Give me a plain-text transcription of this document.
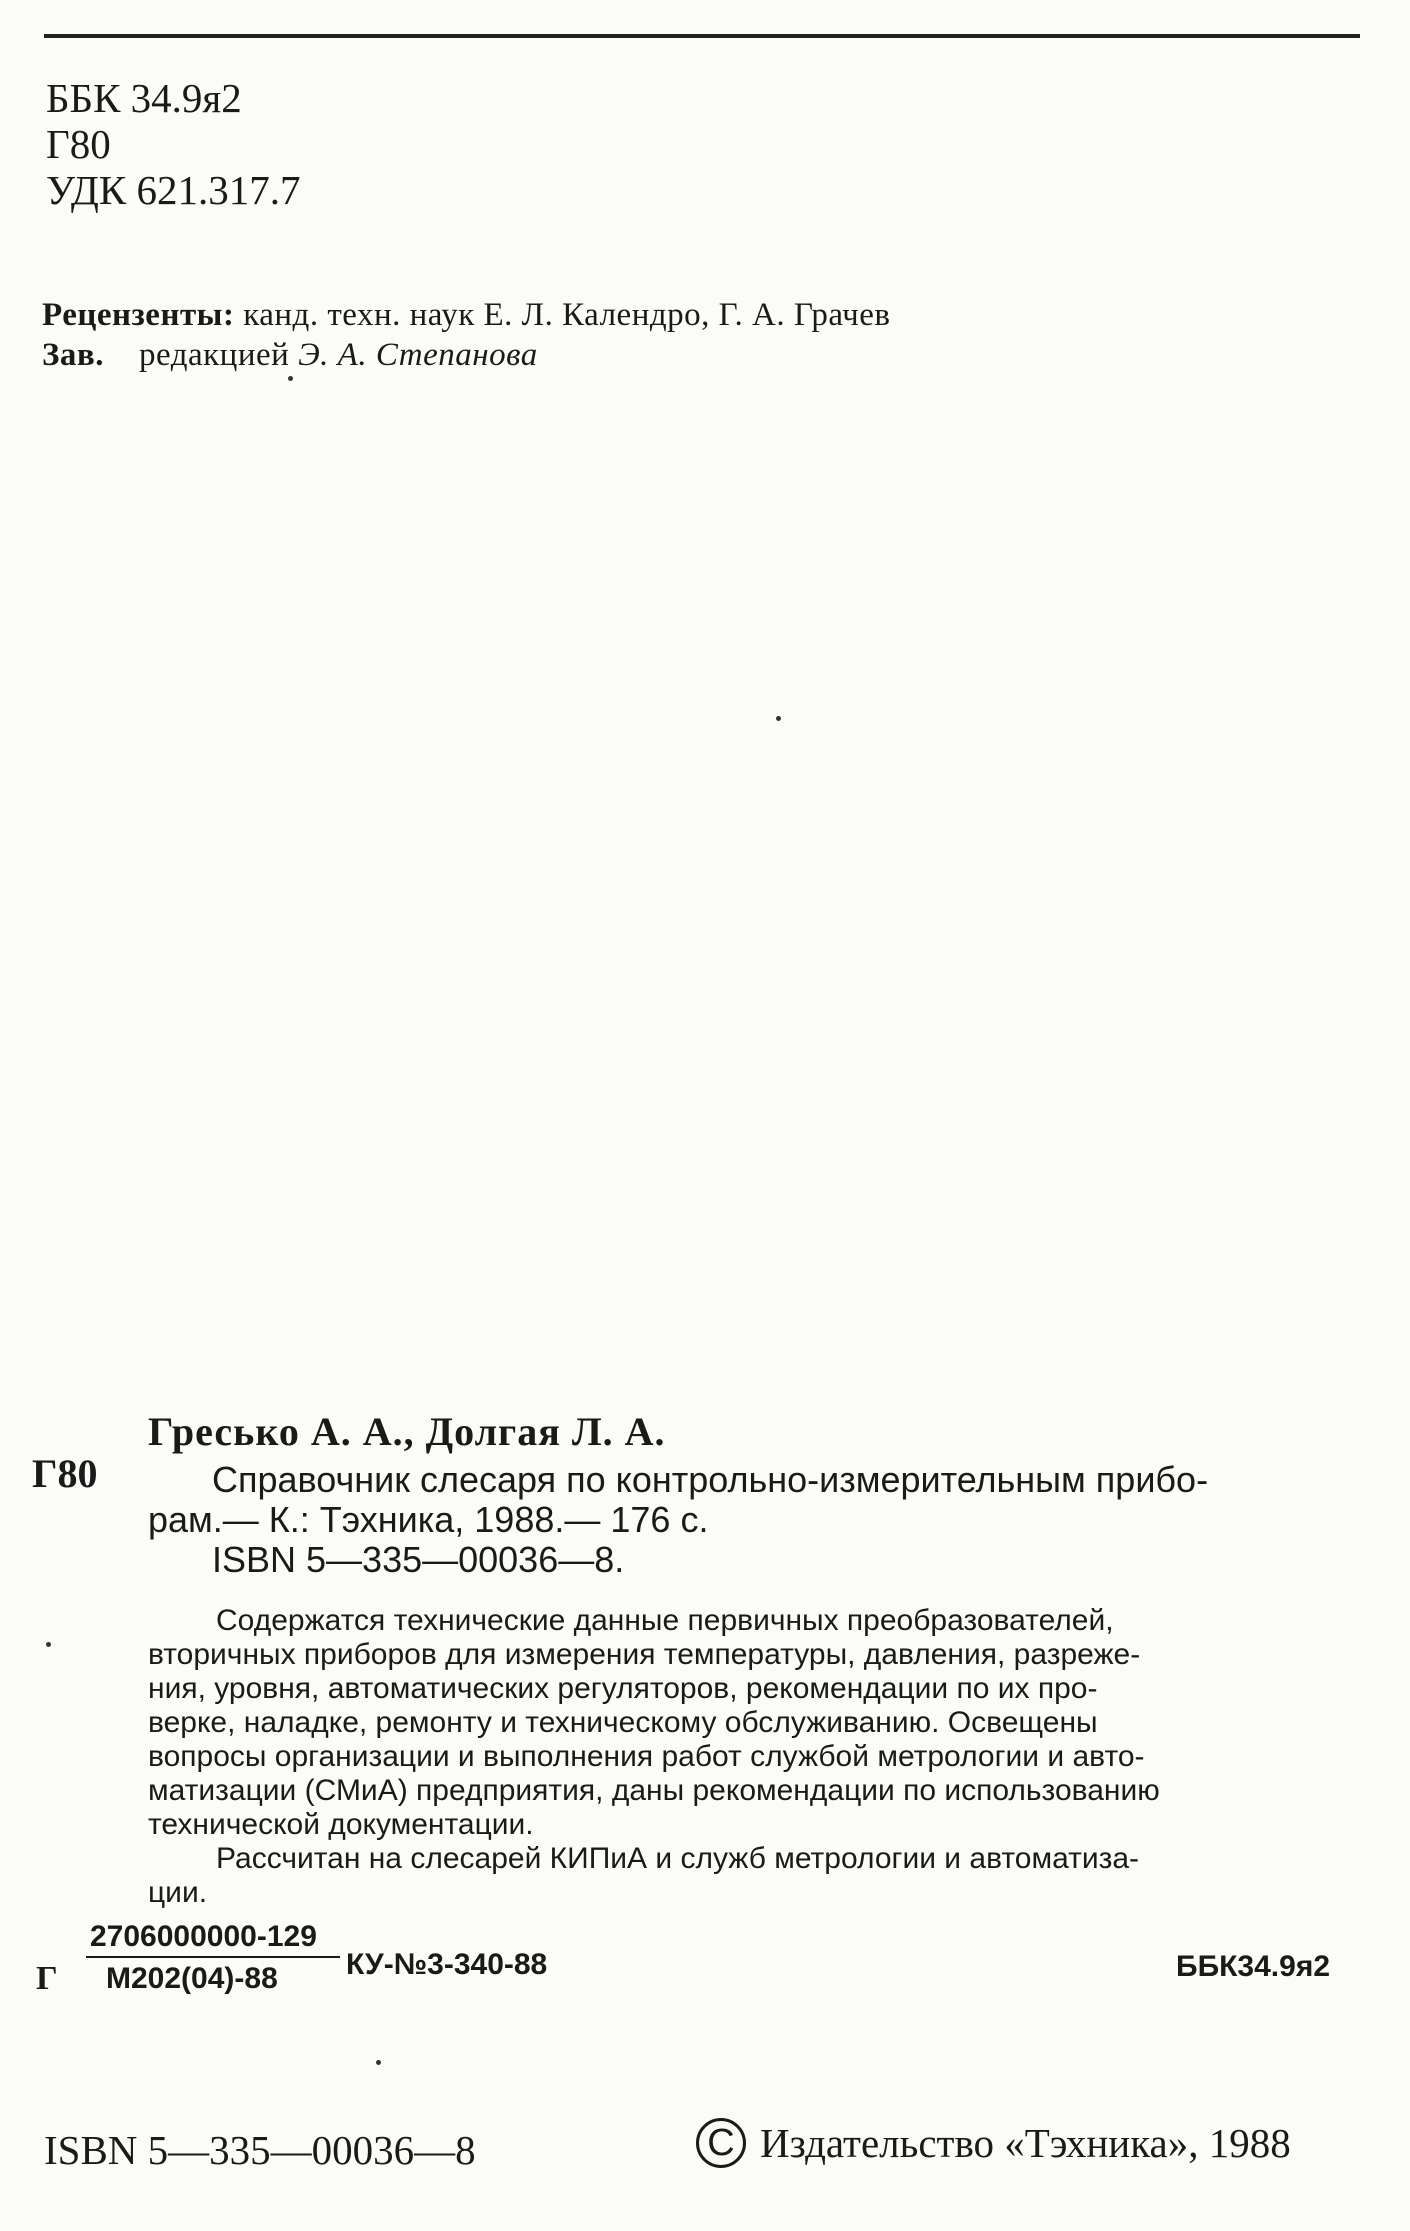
ББК 34.9я2
Г80
УДК 621.317.7
Рецензенты: канд. техн. наук Е. Л. Календро, Г. А. Грачев
Зав. редакцией Э. А. Степанова
Гресько А. А., Долгая Л. А.
Г80	Справочник слесаря по контрольно-измерительным прибо-
рам.— К.: Тэхника, 1988.— 176 с.
ISBN 5—335—00036—8.
Содержатся технические данные первичных преобразователей,
вторичных приборов для измерения температуры, давления, разреже-
ния, уровня, автоматических регуляторов, рекомендации по их про-
верке, наладке, ремонту и техническому обслуживанию. Освещены
вопросы организации и выполнения работ службой метрологии и авто-
матизации (СМиА) предприятия, даны рекомендации по использованию
технической документации.
Рассчитан на слесарей КИПиА и служб метрологии и автоматиза-
ции.
Г
2706000000-129
М202(04)-88	КУ-№3-340-88	ББК34.9я2
ISBN 5—335—00036—8	C Издательство «Тэхника», 1988
